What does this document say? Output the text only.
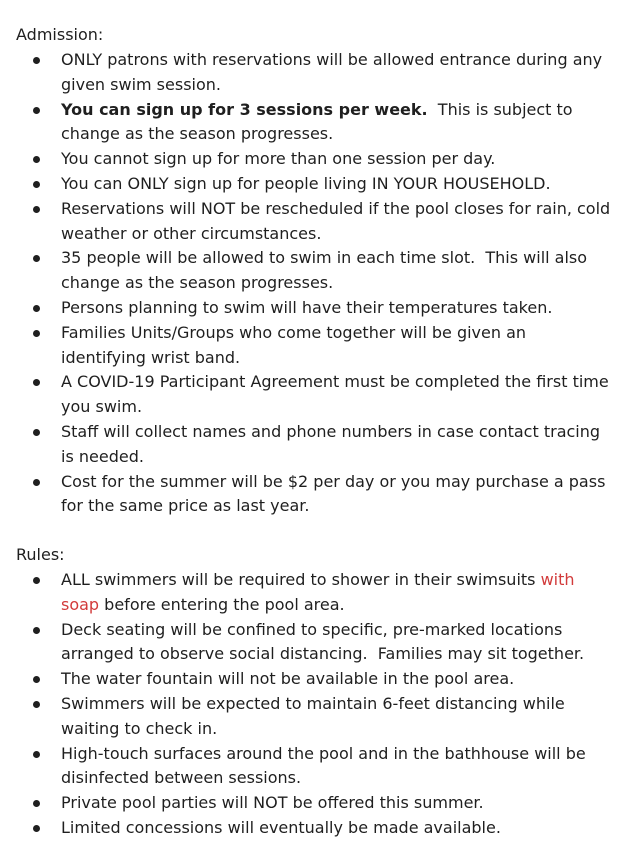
Admission:
ONLY patrons with reservations will be allowed entrance during any given swim session.
You can sign up for 3 sessions per week.  This is subject to change as the season progresses.
You cannot sign up for more than one session per day.
You can ONLY sign up for people living IN YOUR HOUSEHOLD.
Reservations will NOT be rescheduled if the pool closes for rain, cold weather or other circumstances.
35 people will be allowed to swim in each time slot.  This will also change as the season progresses.
Persons planning to swim will have their temperatures taken.
Families Units/Groups who come together will be given an identifying wrist band.
A COVID-19 Participant Agreement must be completed the first time you swim.
Staff will collect names and phone numbers in case contact tracing is needed.
Cost for the summer will be $2 per day or you may purchase a pass for the same price as last year.
Rules:
ALL swimmers will be required to shower in their swimsuits with soap before entering the pool area.
Deck seating will be confined to specific, pre-marked locations arranged to observe social distancing.  Families may sit together.
The water fountain will not be available in the pool area.
Swimmers will be expected to maintain 6-feet distancing while waiting to check in.
High-touch surfaces around the pool and in the bathhouse will be disinfected between sessions.
Private pool parties will NOT be offered this summer.
Limited concessions will eventually be made available.
